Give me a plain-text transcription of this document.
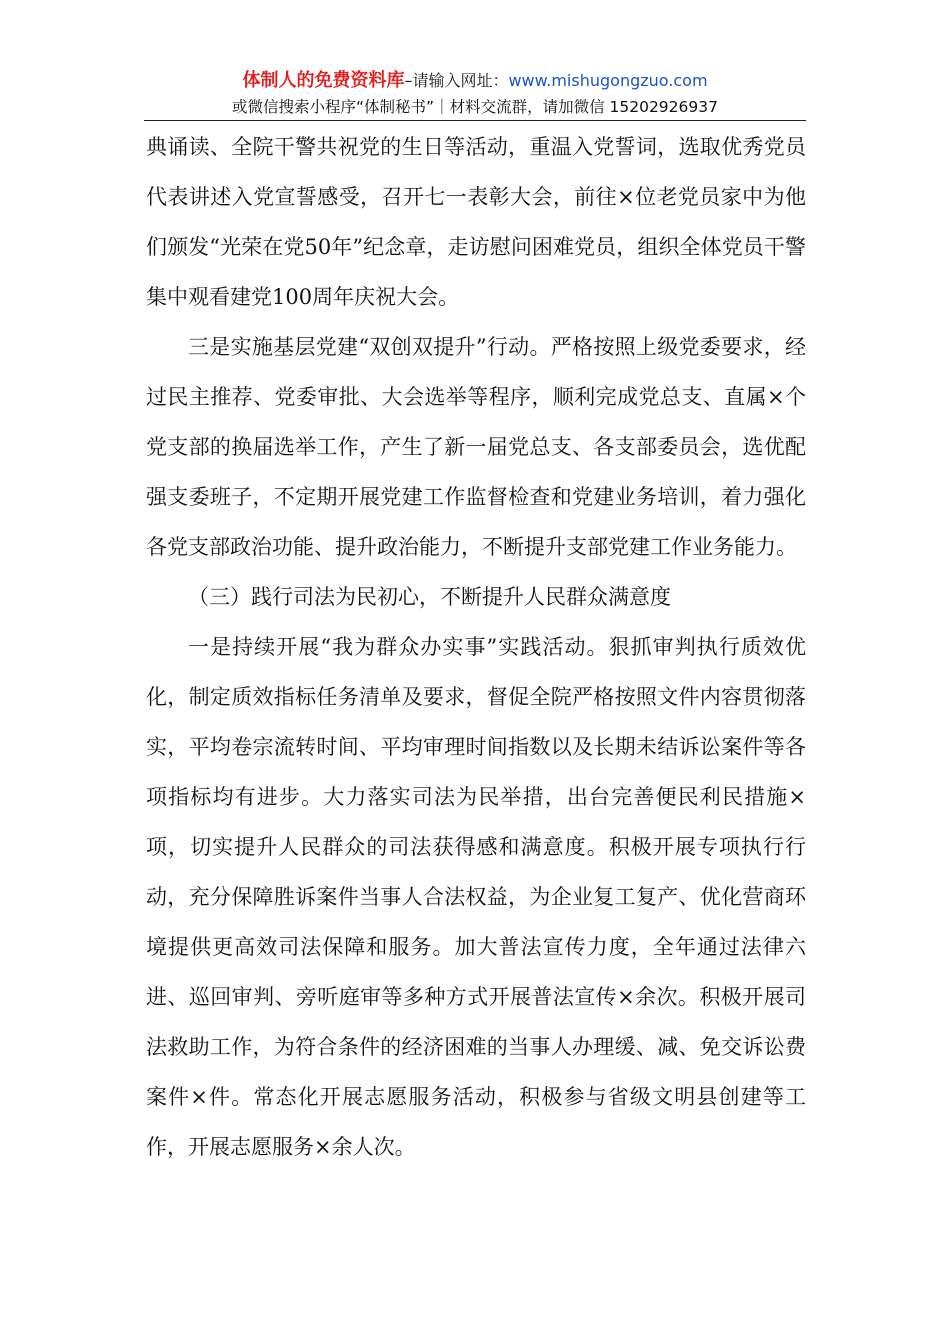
体制人的免费资料库–请输入网址：www.mishugongzuo.com
或微信搜索小程序“体制秘书”｜材料交流群，请加微信 15202926937

典诵读、全院干警共祝党的生日等活动，重温入党誓词，选取优秀党员代表讲述入党宣誓感受，召开七一表彰大会，前往×位老党员家中为他们颁发“光荣在党50年”纪念章，走访慰问困难党员，组织全体党员干警集中观看建党100周年庆祝大会。

三是实施基层党建“双创双提升”行动。严格按照上级党委要求，经过民主推荐、党委审批、大会选举等程序，顺利完成党总支、直属×个党支部的换届选举工作，产生了新一届党总支、各支部委员会，选优配强支委班子，不定期开展党建工作监督检查和党建业务培训，着力强化各党支部政治功能、提升政治能力，不断提升支部党建工作业务能力。

（三）践行司法为民初心，不断提升人民群众满意度

一是持续开展“我为群众办实事”实践活动。狠抓审判执行质效优化，制定质效指标任务清单及要求，督促全院严格按照文件内容贯彻落实，平均卷宗流转时间、平均审理时间指数以及长期未结诉讼案件等各项指标均有进步。大力落实司法为民举措，出台完善便民利民措施×项，切实提升人民群众的司法获得感和满意度。积极开展专项执行行动，充分保障胜诉案件当事人合法权益，为企业复工复产、优化营商环境提供更高效司法保障和服务。加大普法宣传力度，全年通过法律六进、巡回审判、旁听庭审等多种方式开展普法宣传×余次。积极开展司法救助工作，为符合条件的经济困难的当事人办理缓、减、免交诉讼费案件×件。常态化开展志愿服务活动，积极参与省级文明县创建等工作，开展志愿服务×余人次。
